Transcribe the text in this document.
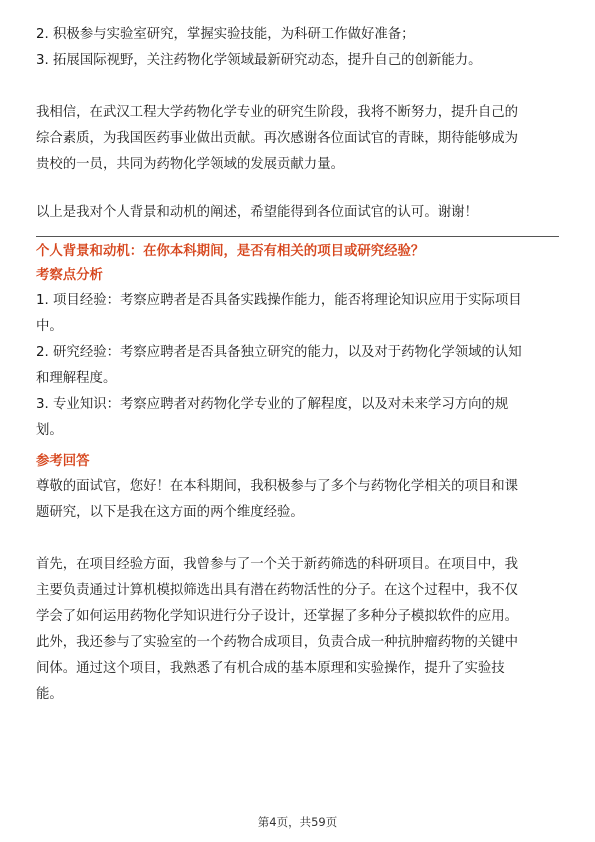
2. 积极参与实验室研究，掌握实验技能，为科研工作做好准备；

3. 拓展国际视野，关注药物化学领域最新研究动态，提升自己的创新能力。

我相信，在武汉工程大学药物化学专业的研究生阶段，我将不断努力，提升自己的

综合素质，为我国医药事业做出贡献。再次感谢各位面试官的青睐，期待能够成为

贵校的一员，共同为药物化学领域的发展贡献力量。

以上是我对个人背景和动机的阐述，希望能得到各位面试官的认可。谢谢！

个人背景和动机：在你本科期间，是否有相关的项目或研究经验？
考察点分析

1. 项目经验：考察应聘者是否具备实践操作能力，能否将理论知识应用于实际项目

中。

2. 研究经验：考察应聘者是否具备独立研究的能力，以及对于药物化学领域的认知

和理解程度。

3. 专业知识：考察应聘者对药物化学专业的了解程度，以及对未来学习方向的规

划。

参考回答

尊敬的面试官，您好！在本科期间，我积极参与了多个与药物化学相关的项目和课

题研究，以下是我在这方面的两个维度经验。

首先，在项目经验方面，我曾参与了一个关于新药筛选的科研项目。在项目中，我

主要负责通过计算机模拟筛选出具有潜在药物活性的分子。在这个过程中，我不仅

学会了如何运用药物化学知识进行分子设计，还掌握了多种分子模拟软件的应用。

此外，我还参与了实验室的一个药物合成项目，负责合成一种抗肿瘤药物的关键中

间体。通过这个项目，我熟悉了有机合成的基本原理和实验操作，提升了实验技

能。

第4页，共59页
